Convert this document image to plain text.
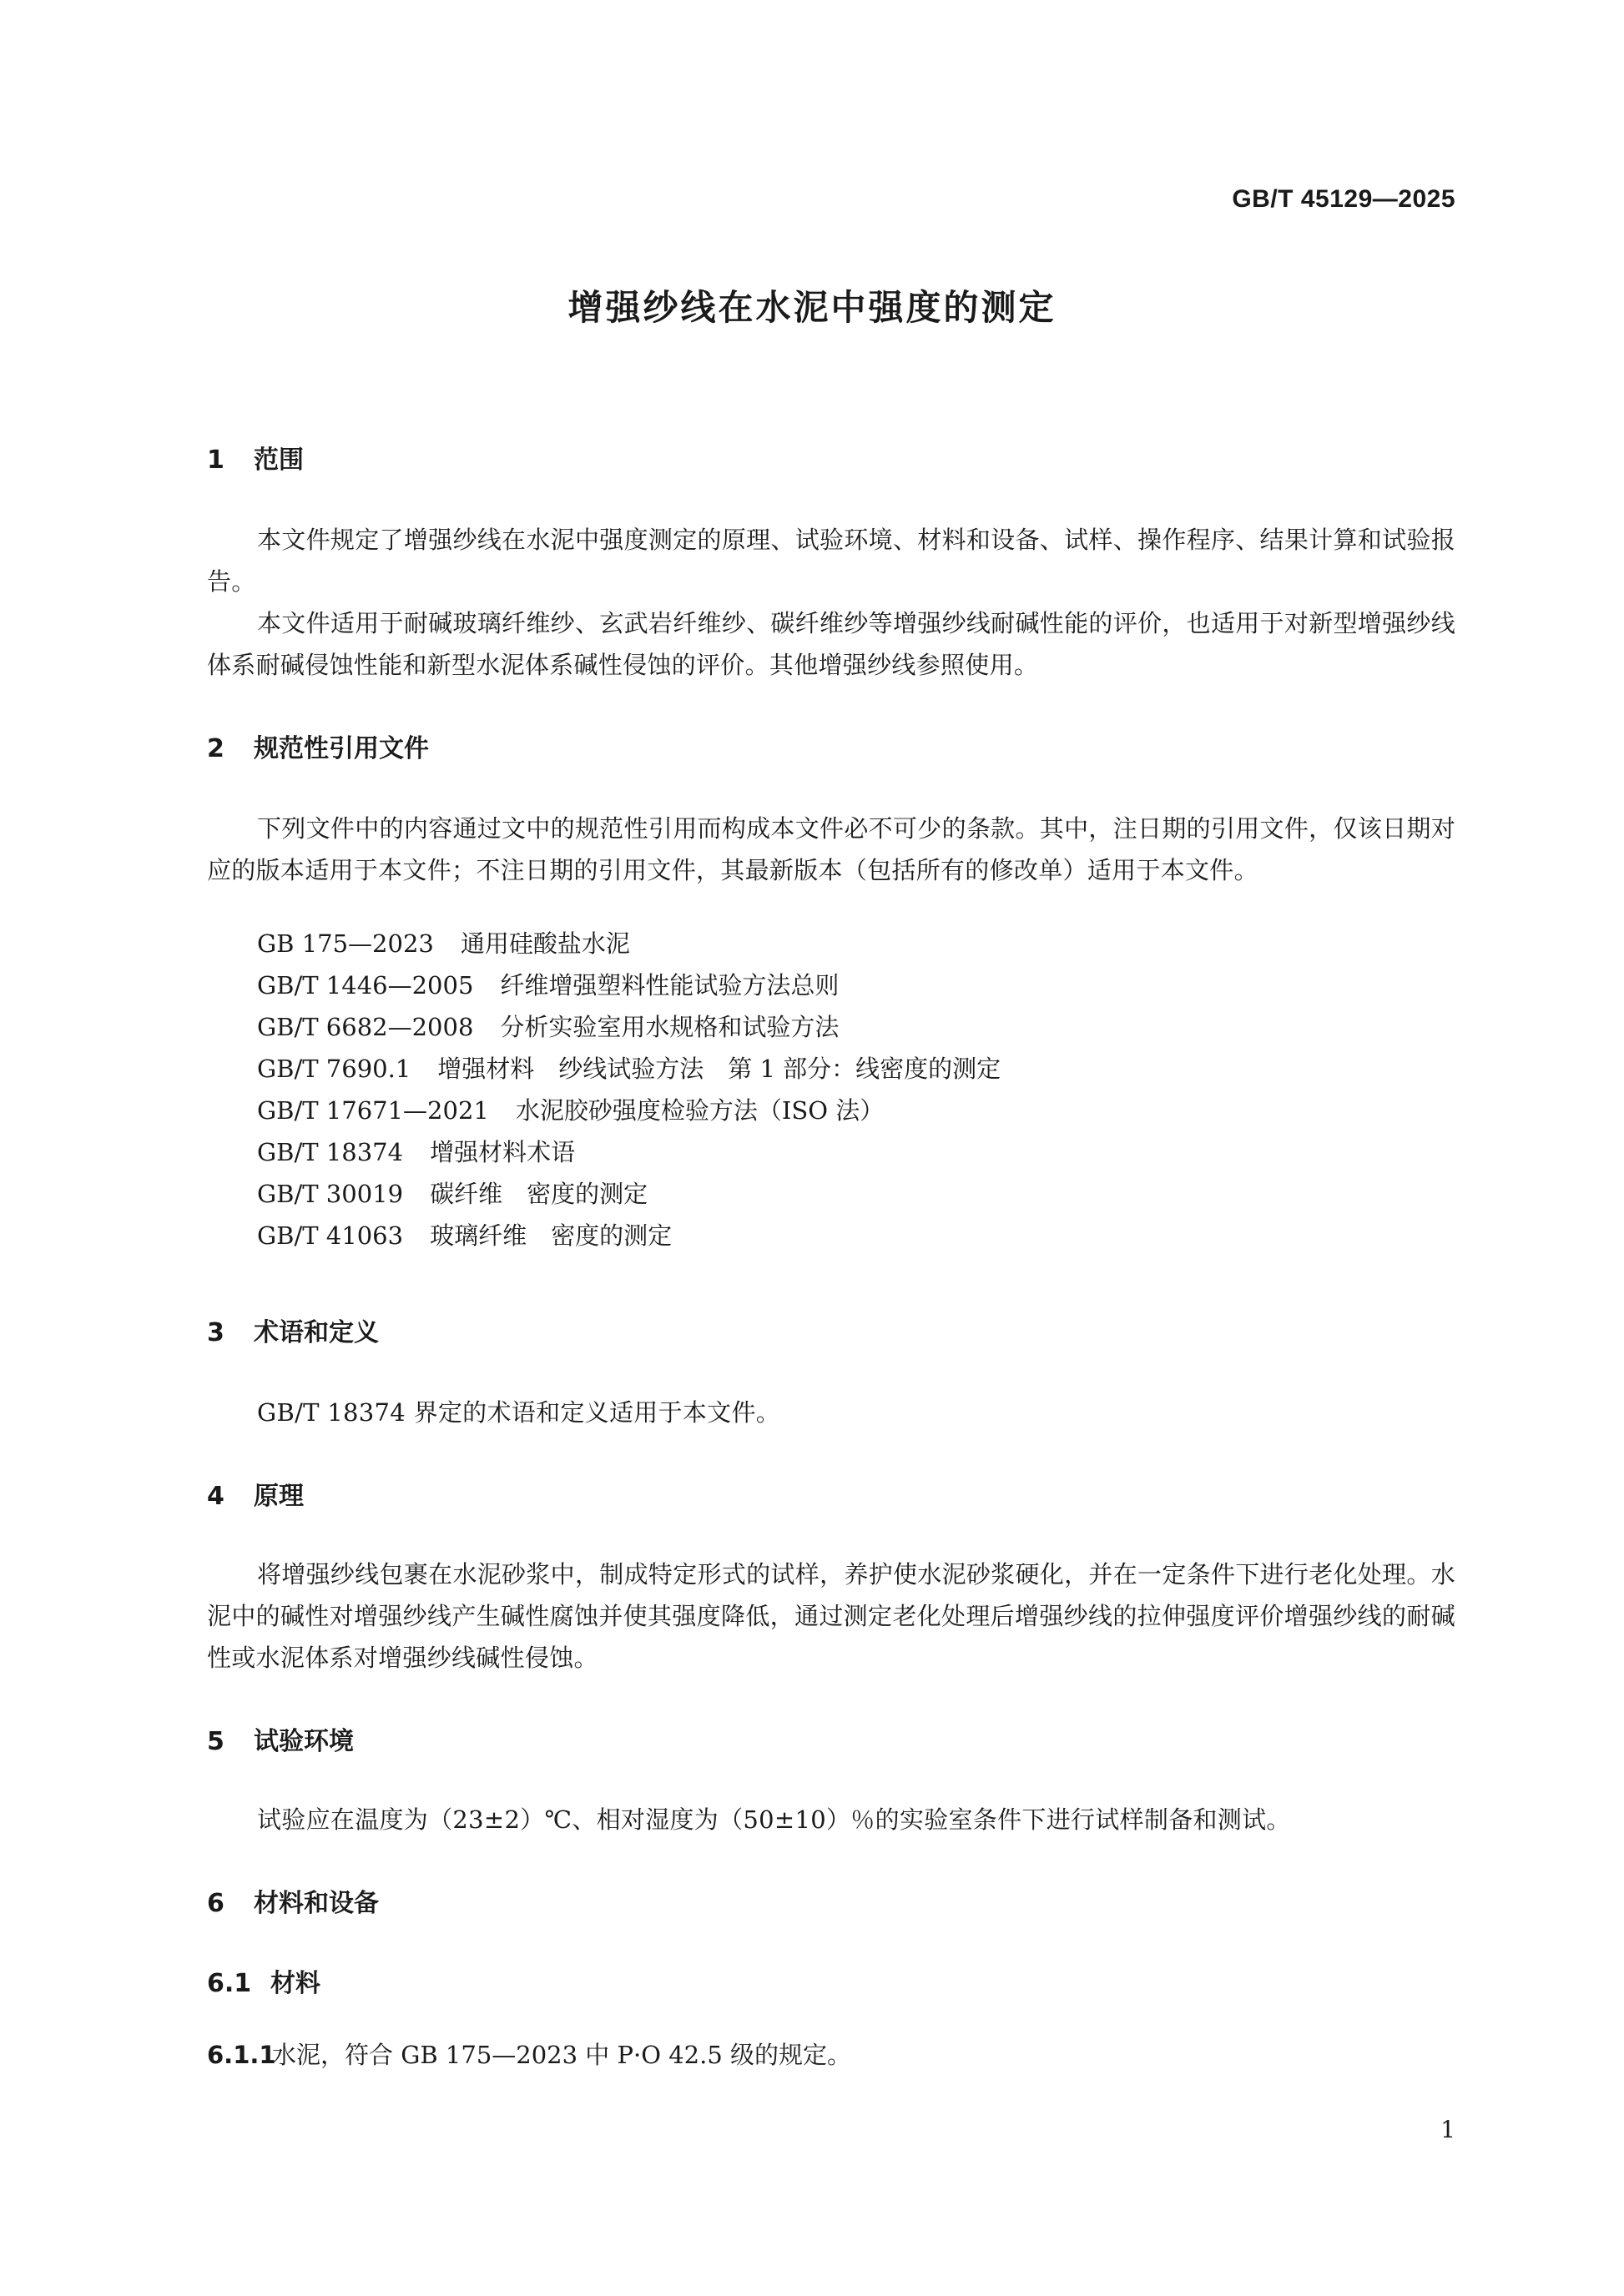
GB/T 45129—2025
增强纱线在水泥中强度的测定
1 范围
本文件规定了增强纱线在水泥中强度测定的原理、试验环境、材料和设备、试样、操作程序、结果计算和试验报告。
本文件适用于耐碱玻璃纤维纱、玄武岩纤维纱、碳纤维纱等增强纱线耐碱性能的评价，也适用于对新型增强纱线体系耐碱侵蚀性能和新型水泥体系碱性侵蚀的评价。其他增强纱线参照使用。
2 规范性引用文件
下列文件中的内容通过文中的规范性引用而构成本文件必不可少的条款。其中，注日期的引用文件，仅该日期对应的版本适用于本文件；不注日期的引用文件，其最新版本（包括所有的修改单）适用于本文件。
GB 175—2023 通用硅酸盐水泥
GB/T 1446—2005 纤维增强塑料性能试验方法总则
GB/T 6682—2008 分析实验室用水规格和试验方法
GB/T 7690.1 增强材料　纱线试验方法　第 1 部分：线密度的测定
GB/T 17671—2021 水泥胶砂强度检验方法（ISO 法）
GB/T 18374 增强材料术语
GB/T 30019 碳纤维　密度的测定
GB/T 41063 玻璃纤维　密度的测定
3 术语和定义
GB/T 18374 界定的术语和定义适用于本文件。
4 原理
将增强纱线包裹在水泥砂浆中，制成特定形式的试样，养护使水泥砂浆硬化，并在一定条件下进行老化处理。水泥中的碱性对增强纱线产生碱性腐蚀并使其强度降低，通过测定老化处理后增强纱线的拉伸强度评价增强纱线的耐碱性或水泥体系对增强纱线碱性侵蚀。
5 试验环境
试验应在温度为（23±2）℃、相对湿度为（50±10）％的实验室条件下进行试样制备和测试。
6 材料和设备
6.1 材料
6.1.1水泥，符合 GB 175—2023 中 P·O 42.5 级的规定。
1
